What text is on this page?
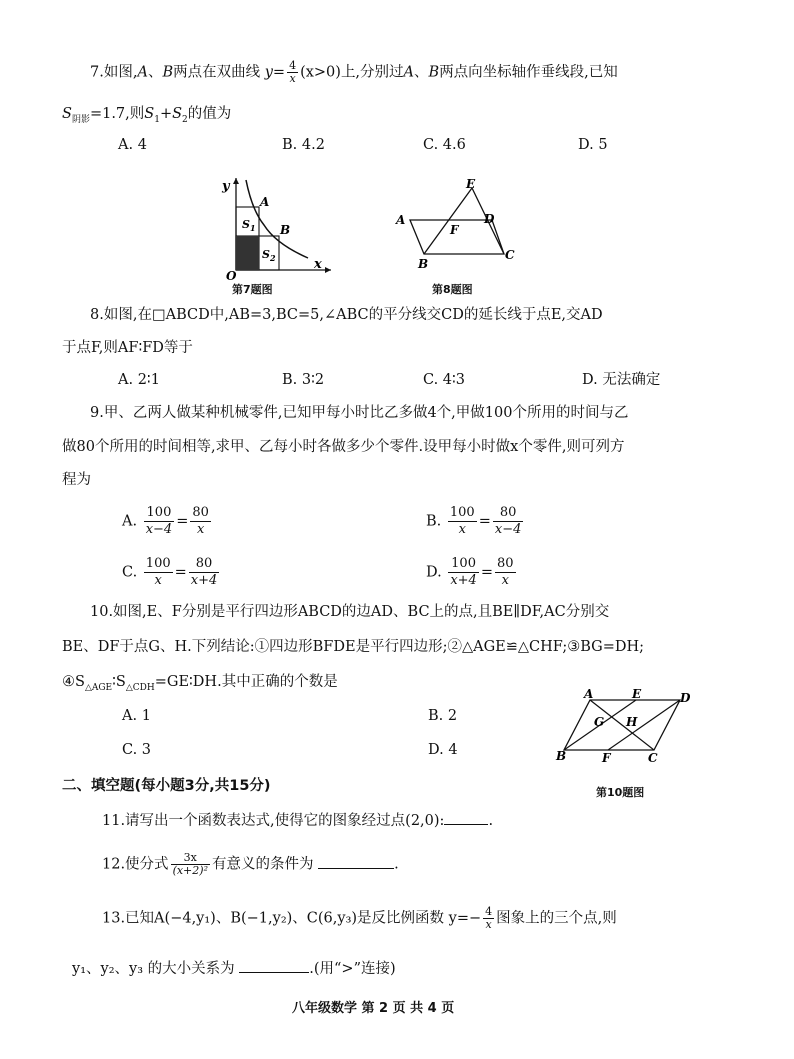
7.如图,A、B两点在双曲线 $y= \frac{4}{x} (x>0)$上,分别过A、B两点向坐标轴作垂线段,已知
$S_{阴影}=1.7$,则$S_1+S_2$的值为
A. 4	B. 4.2	C. 4.6	D. 5
y
x
O
A
B
$S_1$
$S_2$
第7题图
E
A	D
F
B
C
第8题图
8.如图,在□ABCD中,AB=3,BC=5,∠ABC的平分线交CD的延长线于点E,交AD
于点F,则AF∶FD等于
A. 2∶1	B. 3∶2	C. 4∶3	D. 无法确定
9.甲、乙两人做某种机械零件,已知甲每小时比乙多做4个,甲做100个所用的时间与乙
做80个所用的时间相等,求甲、乙每小时各做多少个零件.设甲每小时做x个零件,则可列方
程为
A. $\frac{100}{x-4} = \frac{80}{x}$	B. $\frac{100}{x} = \frac{80}{x-4}$
C. $\frac{100}{x} = \frac{80}{x+4}$	D. $\frac{100}{x+4} = \frac{80}{x}$
10.如图,E、F分别是平行四边形ABCD的边AD、BC上的点,且BE∥DF,AC分别交
BE、DF于点G、H.下列结论:①四边形BFDE是平行四边形;②△AGE≌△CHF;③BG=DH;
$④S_{\triangle AGE}∶S_{\triangle CDH}=GE∶DH$.其中正确的个数是
A. 1	B. 2
C. 3	D. 4
A	E	D
G H
B	F	C
第10题图
二、填空题(每小题3分,共15分)
11.请写出一个函数表达式,使得它的图象经过点(2,0):	.
12.使分式 $\frac{3x}{\text{(x+2)²}}$ 有意义的条件为	.
13.已知A(−4,y₁)、B(−1,y₂)、C(6,y₃)是反比例函数 $y=- \frac{4}{x}$ 图象上的三个点,则
y₁、y₂、y₃ 的大小关系为	.(用“>”连接)
八年级数学 第 2 页 共 4 页
